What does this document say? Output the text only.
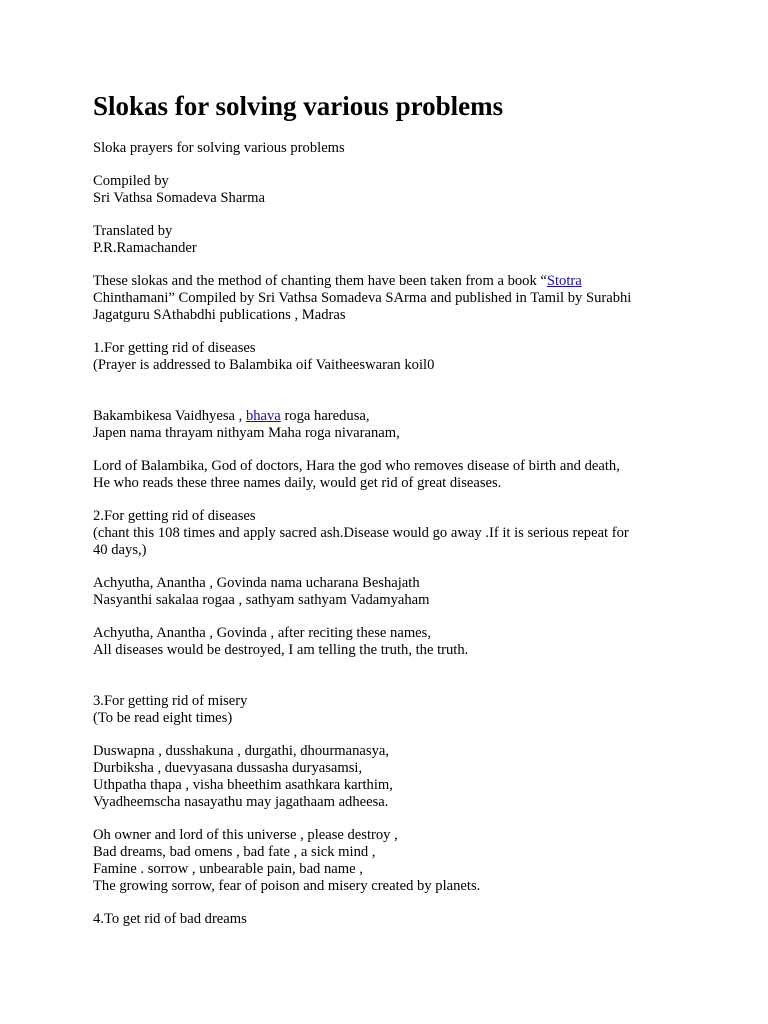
Slokas for solving various problems

Sloka prayers for solving various problems

Compiled by
Sri Vathsa Somadeva Sharma

Translated by
P.R.Ramachander

These slokas and the method of chanting them have been taken from a book “Stotra
Chinthamani” Compiled by Sri Vathsa Somadeva SArma and published in Tamil by Surabhi
Jagatguru SAthabdhi publications , Madras

1.For getting rid of diseases
(Prayer is addressed to Balambika oif Vaitheeswaran koil0

Bakambikesa Vaidhyesa , bhava roga haredusa,
Japen nama thrayam nithyam Maha roga nivaranam,

Lord of Balambika, God of doctors, Hara the god who removes disease of birth and death,
He who reads these three names daily, would get rid of great diseases.

2.For getting rid of diseases
(chant this 108 times and apply sacred ash.Disease would go away .If it is serious repeat for
40 days,)

Achyutha, Anantha , Govinda nama ucharana Beshajath
Nasyanthi sakalaa rogaa , sathyam sathyam Vadamyaham

Achyutha, Anantha , Govinda , after reciting these names,
All diseases would be destroyed, I am telling the truth, the truth.

3.For getting rid of misery
(To be read eight times)

Duswapna , dusshakuna , durgathi, dhourmanasya,
Durbiksha , duevyasana dussasha duryasamsi,
Uthpatha thapa , visha bheethim asathkara karthim,
Vyadheemscha nasayathu may jagathaam adheesa.

Oh owner and lord of this universe , please destroy ,
Bad dreams, bad omens , bad fate , a sick mind ,
Famine . sorrow , unbearable pain, bad name ,
The growing sorrow, fear of poison and misery created by planets.

4.To get rid of bad dreams
